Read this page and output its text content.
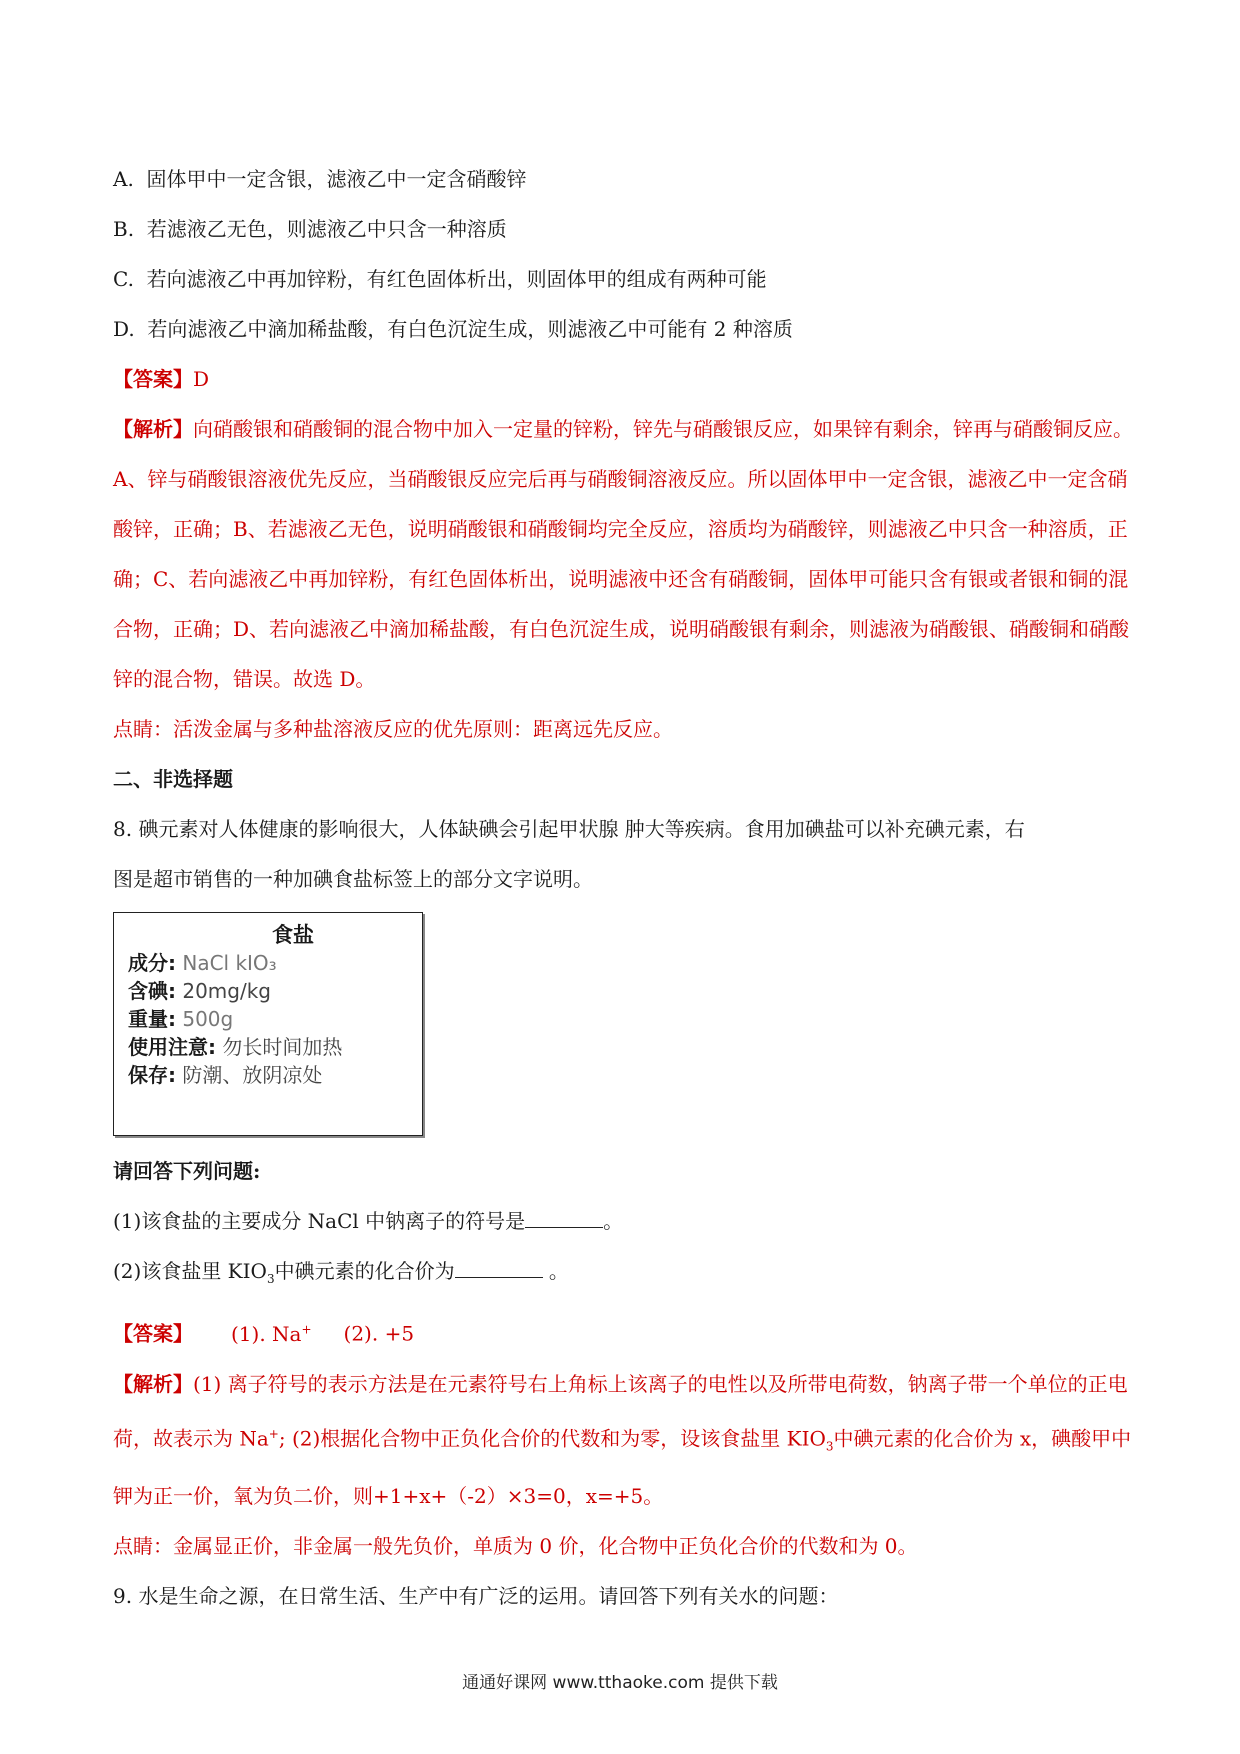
A. 固体甲中一定含银，滤液乙中一定含硝酸锌
B. 若滤液乙无色，则滤液乙中只含一种溶质
C. 若向滤液乙中再加锌粉，有红色固体析出，则固体甲的组成有两种可能
D. 若向滤液乙中滴加稀盐酸，有白色沉淀生成，则滤液乙中可能有 2 种溶质
【答案】D
【解析】向硝酸银和硝酸铜的混合物中加入一定量的锌粉，锌先与硝酸银反应，如果锌有剩余，锌再与硝酸铜反应。A、锌与硝酸银溶液优先反应，当硝酸银反应完后再与硝酸铜溶液反应。所以固体甲中一定含银，滤液乙中一定含硝酸锌，正确；B、若滤液乙无色，说明硝酸银和硝酸铜均完全反应，溶质均为硝酸锌，则滤液乙中只含一种溶质，正确；C、若向滤液乙中再加锌粉，有红色固体析出，说明滤液中还含有硝酸铜，固体甲可能只含有银或者银和铜的混合物，正确；D、若向滤液乙中滴加稀盐酸，有白色沉淀生成，说明硝酸银有剩余，则滤液为硝酸银、硝酸铜和硝酸锌的混合物，错误。故选 D。
点睛：活泼金属与多种盐溶液反应的优先原则：距离远先反应。
二、非选择题
8. 碘元素对人体健康的影响很大，人体缺碘会引起甲状腺 肿大等疾病。食用加碘盐可以补充碘元素，右
图是超市销售的一种加碘食盐标签上的部分文字说明。
食盐
成分: NaCl kIO₃
含碘: 20mg/kg
重量: 500g
使用注意: 勿长时间加热
保存: 防潮、放阴凉处
请回答下列问题:
(1)该食盐的主要成分 NaCl 中钠离子的符号是	。
(2)该食盐里 $KIO_3$中碘元素的化合价为	。
【答案】 (1). Na+ (2). +5
【解析】(1) 离子符号的表示方法是在元素符号右上角标上该离子的电性以及所带电荷数，钠离子带一个单位的正电荷，故表示为 Na+; (2)根据化合物中正负化合价的代数和为零，设该食盐里 $KIO_3$中碘元素的化合价为 x，碘酸甲中钾为正一价，氧为负二价，则+1+x+（-2）×3=0，x=+5。
点睛：金属显正价，非金属一般先负价，单质为 0 价，化合物中正负化合价的代数和为 0。
9. 水是生命之源，在日常生活、生产中有广泛的运用。请回答下列有关水的问题：
通通好课网 www.tthaoke.com 提供下载
